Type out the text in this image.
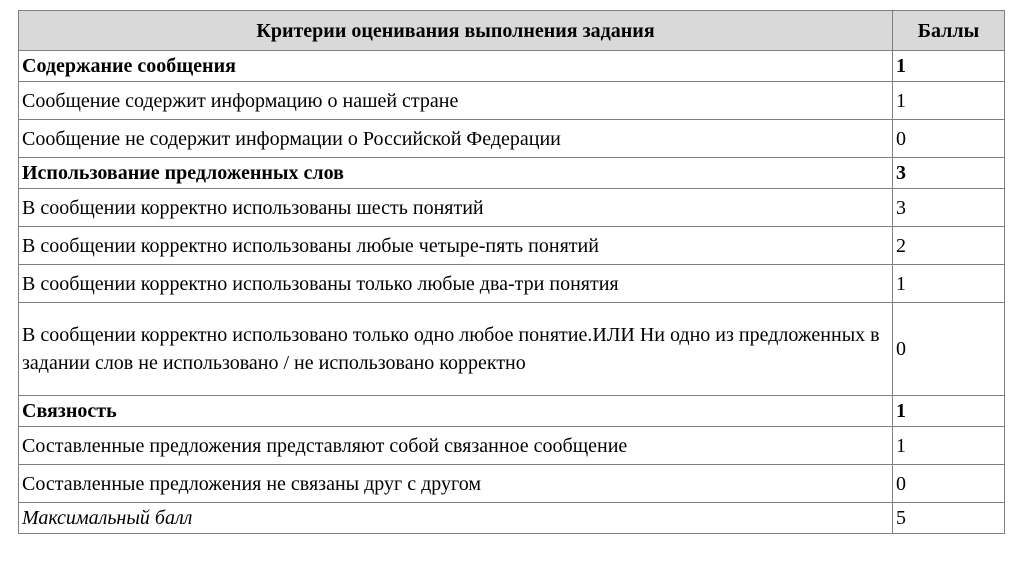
Критерии оценивания выполнения задания	Баллы
Содержание сообщения	1
Сообщение содержит информацию о нашей стране	1
Сообщение не содержит информации о Российской Федерации	0
Использование предложенных слов	3
В сообщении корректно использованы шесть понятий	3
В сообщении корректно использованы любые четыре-пять понятий	2
В сообщении корректно использованы только любые два-три понятия	1
В сообщении корректно использовано только одно любое понятие.ИЛИ Ни одно из предложенных в задании слов не использовано / не использовано корректно	0
Связность	1
Составленные предложения представляют собой связанное сообщение	1
Составленные предложения не связаны друг с другом	0
Максимальный балл	5
